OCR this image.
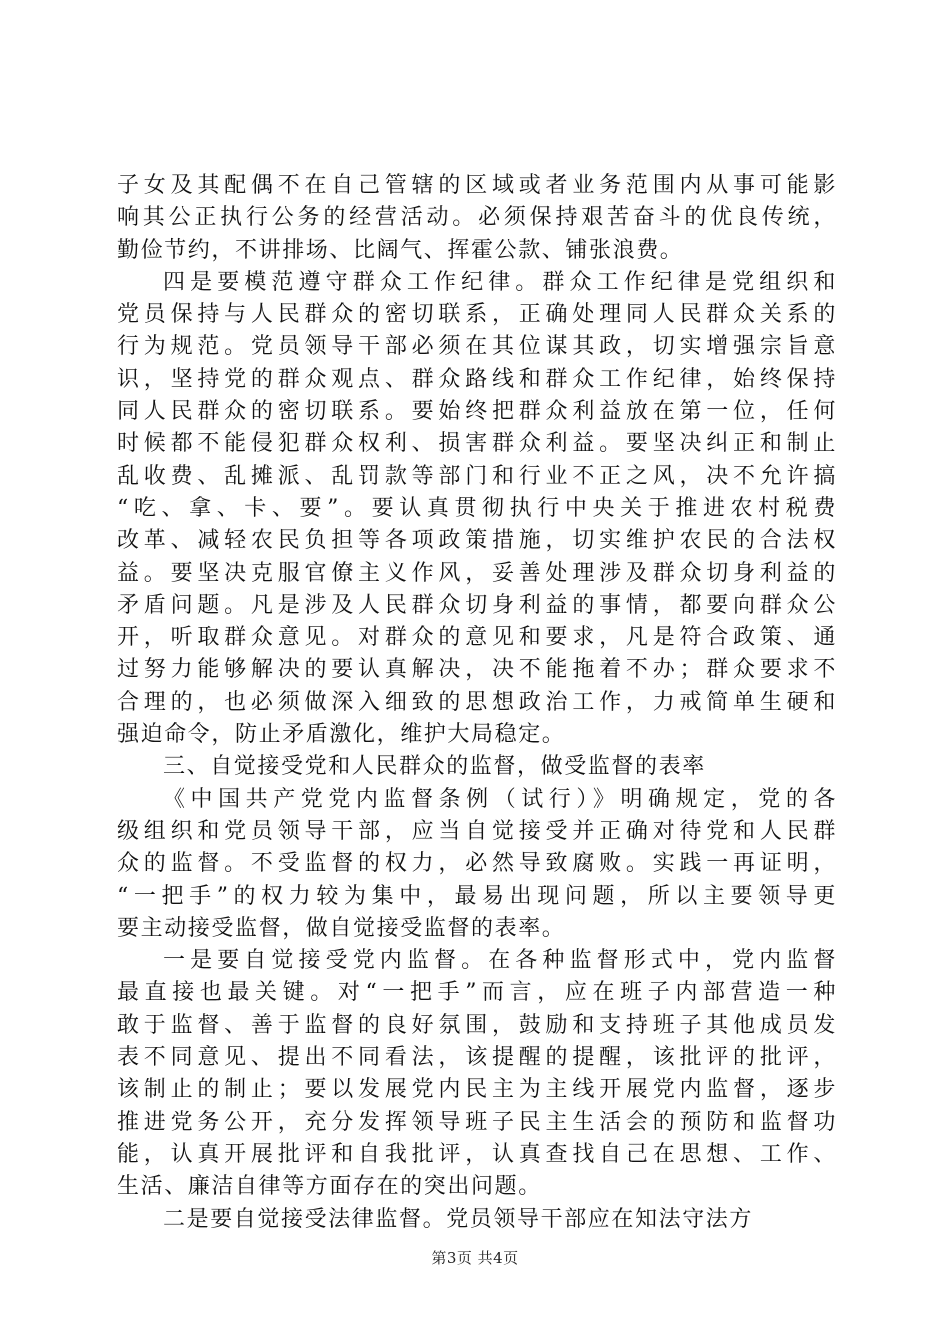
子女及其配偶不在自己管辖的区域或者业务范围内从事可能影
响其公正执行公务的经营活动。必须保持艰苦奋斗的优良传统，
勤俭节约，不讲排场、比阔气、挥霍公款、铺张浪费。
四是要模范遵守群众工作纪律。群众工作纪律是党组织和
党员保持与人民群众的密切联系，正确处理同人民群众关系的
行为规范。党员领导干部必须在其位谋其政，切实增强宗旨意
识，坚持党的群众观点、群众路线和群众工作纪律，始终保持
同人民群众的密切联系。要始终把群众利益放在第一位，任何
时候都不能侵犯群众权利、损害群众利益。要坚决纠正和制止
乱收费、乱摊派、乱罚款等部门和行业不正之风，决不允许搞
“吃、拿、卡、要”。要认真贯彻执行中央关于推进农村税费
改革、减轻农民负担等各项政策措施，切实维护农民的合法权
益。要坚决克服官僚主义作风，妥善处理涉及群众切身利益的
矛盾问题。凡是涉及人民群众切身利益的事情，都要向群众公
开，听取群众意见。对群众的意见和要求，凡是符合政策、通
过努力能够解决的要认真解决，决不能拖着不办；群众要求不
合理的，也必须做深入细致的思想政治工作，力戒简单生硬和
强迫命令，防止矛盾激化，维护大局稳定。
三、自觉接受党和人民群众的监督，做受监督的表率
《中国共产党党内监督条例（试行）》明确规定，党的各
级组织和党员领导干部，应当自觉接受并正确对待党和人民群
众的监督。不受监督的权力，必然导致腐败。实践一再证明，
“一把手”的权力较为集中，最易出现问题，所以主要领导更
要主动接受监督，做自觉接受监督的表率。
一是要自觉接受党内监督。在各种监督形式中，党内监督
最直接也最关键。对“一把手”而言，应在班子内部营造一种
敢于监督、善于监督的良好氛围，鼓励和支持班子其他成员发
表不同意见、提出不同看法，该提醒的提醒，该批评的批评，
该制止的制止；要以发展党内民主为主线开展党内监督，逐步
推进党务公开，充分发挥领导班子民主生活会的预防和监督功
能，认真开展批评和自我批评，认真查找自己在思想、工作、
生活、廉洁自律等方面存在的突出问题。
二是要自觉接受法律监督。党员领导干部应在知法守法方
第3页 共4页
